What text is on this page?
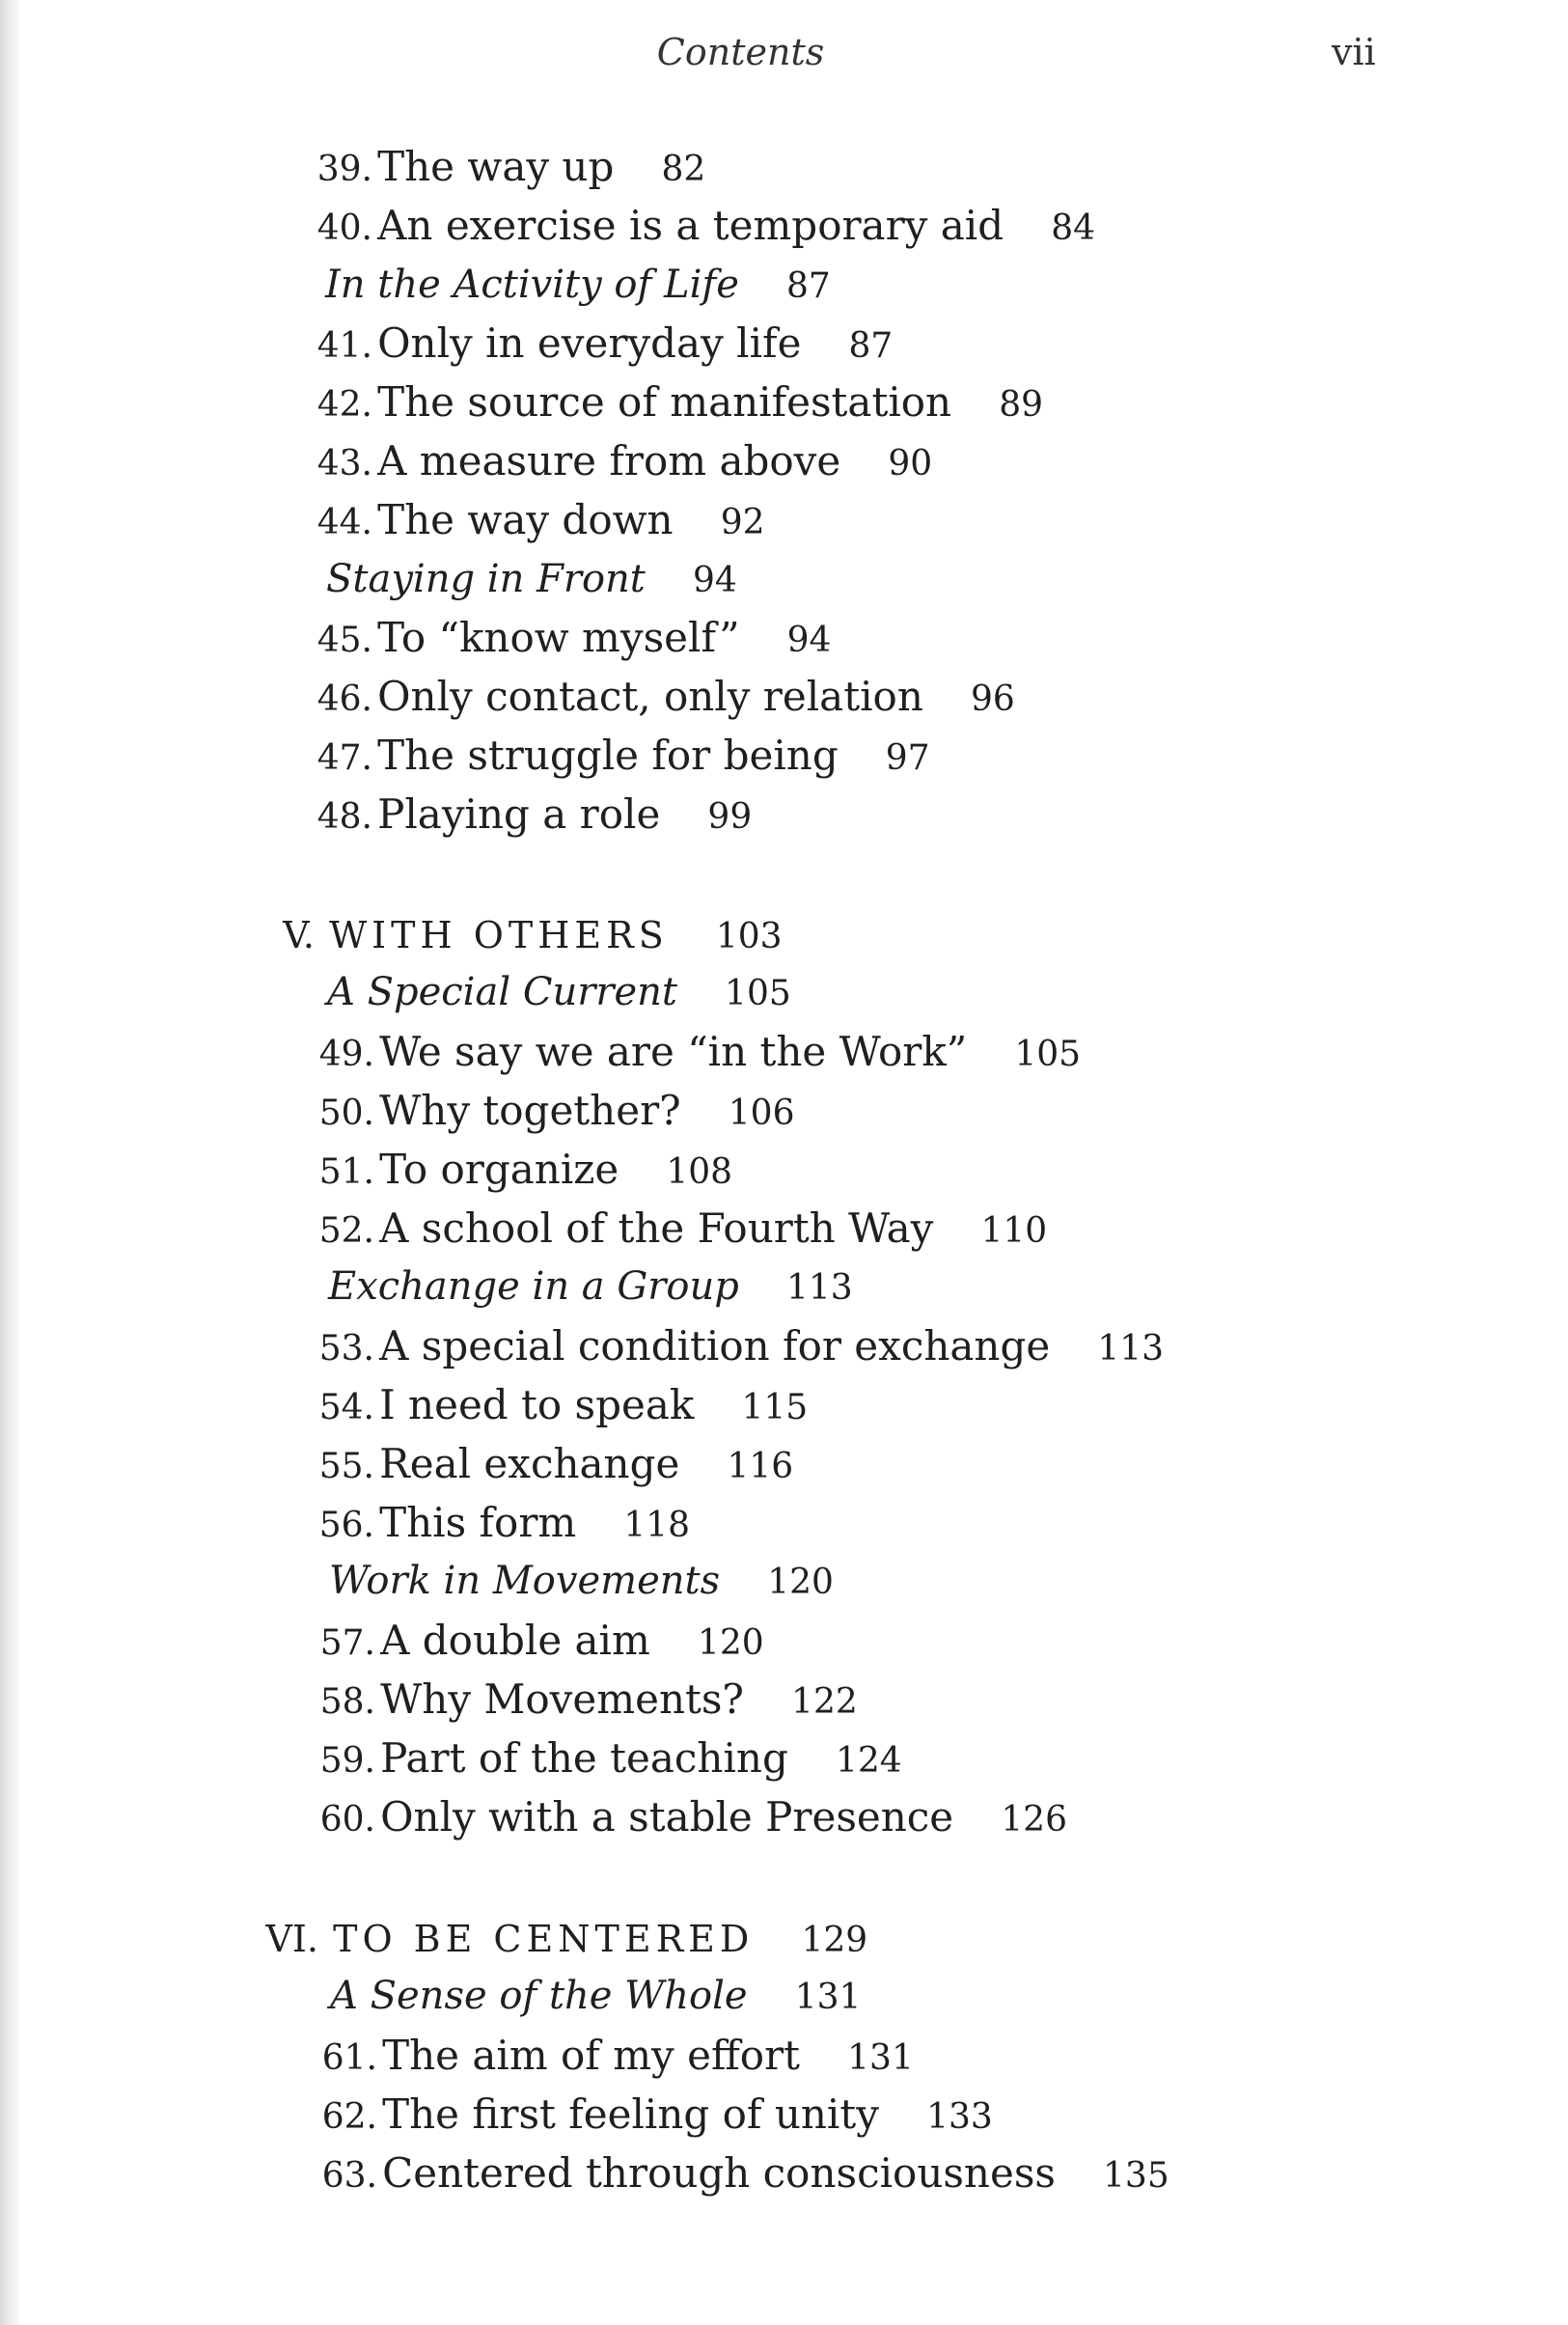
Contents	vii
39. The way up 82
40. An exercise is a temporary aid 84
In the Activity of Life 87
41. Only in everyday life 87
42. The source of manifestation 89
43. A measure from above 90
44. The way down 92
Staying in Front 94
45. To “know myself” 94
46. Only contact, only relation 96
47. The struggle for being 97
48. Playing a role 99
V. WITH OTHERS 103
A Special Current 105
49. We say we are “in the Work” 105
50. Why together? 106
51. To organize 108
52. A school of the Fourth Way 110
Exchange in a Group 113
53. A special condition for exchange 113
54. I need to speak 115
55. Real exchange 116
56. This form 118
Work in Movements 120
57. A double aim 120
58. Why Movements? 122
59. Part of the teaching 124
60. Only with a stable Presence 126
VI. TO BE CENTERED 129
A Sense of the Whole 131
61. The aim of my effort 131
62. The first feeling of unity 133
63. Centered through consciousness 135
